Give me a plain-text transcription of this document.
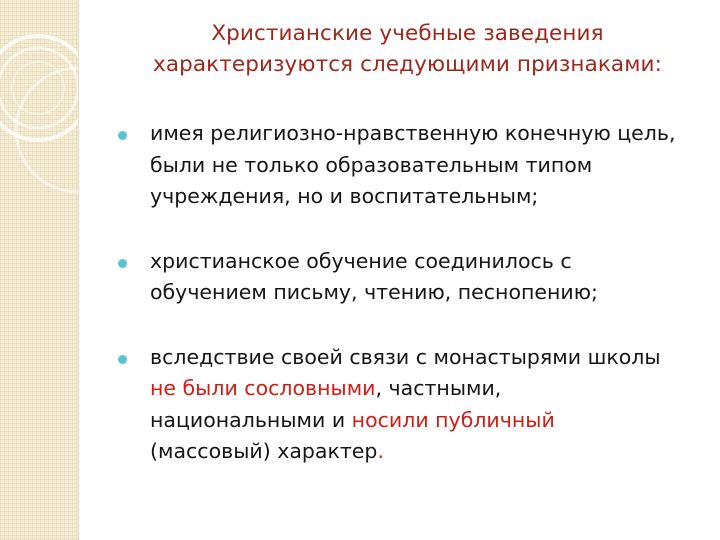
Христианские учебные заведения
характеризуются следующими признаками:
имея религиозно-нравственную конечную цель,
были не только образовательным типом
учреждения, но и воспитательным;
христианское обучение соединилось с
обучением письму, чтению, песнопению;
вследствие своей связи с монастырями школы
не были сословными, частными,
национальными и носили публичный
(массовый) характер.
